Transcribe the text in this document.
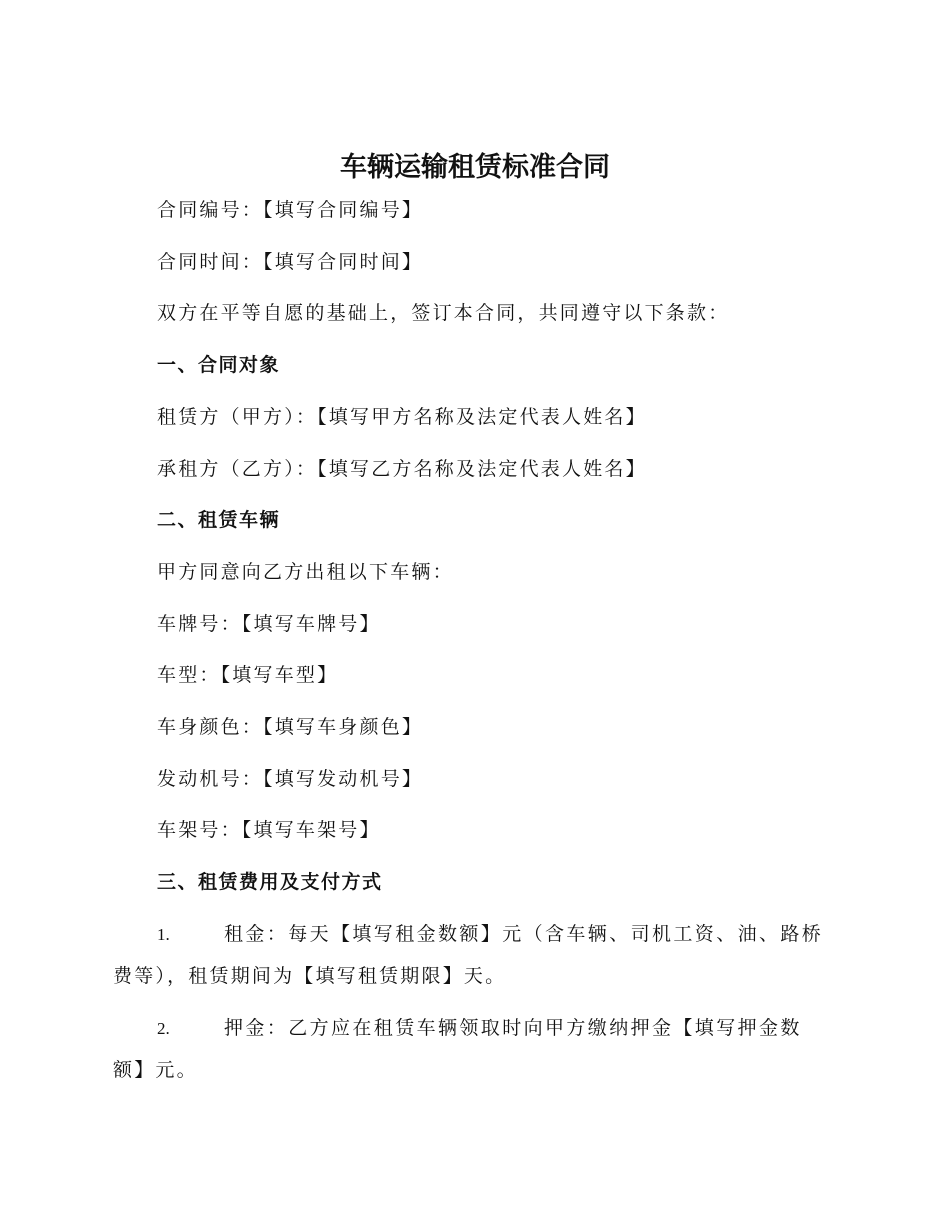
车辆运输租赁标准合同
合同编号：【填写合同编号】
合同时间：【填写合同时间】
双方在平等自愿的基础上，签订本合同，共同遵守以下条款：
一、合同对象
租赁方（甲方）：【填写甲方名称及法定代表人姓名】
承租方（乙方）：【填写乙方名称及法定代表人姓名】
二、租赁车辆
甲方同意向乙方出租以下车辆：
车牌号：【填写车牌号】
车型：【填写车型】
车身颜色：【填写车身颜色】
发动机号：【填写发动机号】
车架号：【填写车架号】
三、租赁费用及支付方式
1.	租金：每天【填写租金数额】元（含车辆、司机工资、油、路桥
费等），租赁期间为【填写租赁期限】天。
2.	押金：乙方应在租赁车辆领取时向甲方缴纳押金【填写押金数
额】元。
